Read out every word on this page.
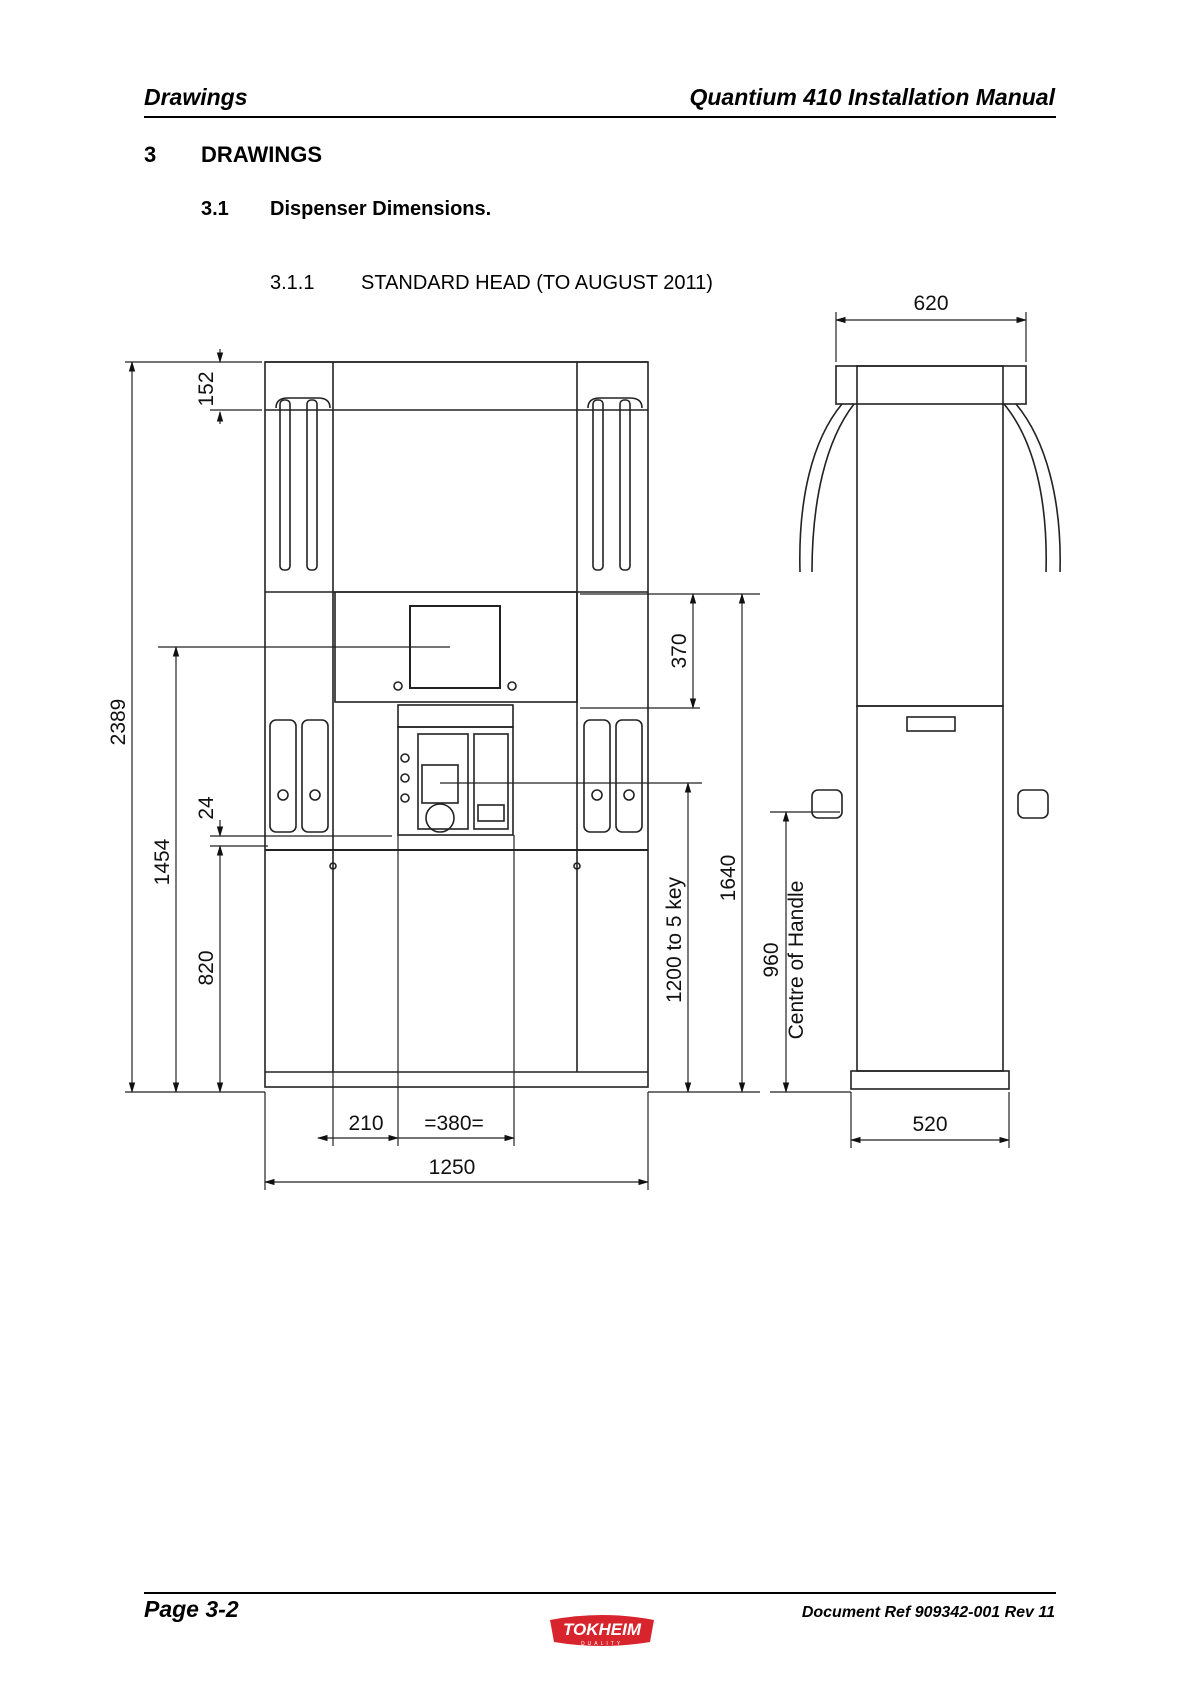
Drawings	Quantium 410 Installation Manual
3 DRAWINGS
3.1 Dispenser Dimensions.
3.1.1 STANDARD HEAD (TO AUGUST 2011)
2389
152
1454
24
820
370
1200 to 5 key 1640
620
960 Centre of Handle
520
210 =380=
1250
Page 3-2	Document Ref 909342-001 Rev 11
TOKHEIM
QUALITY
